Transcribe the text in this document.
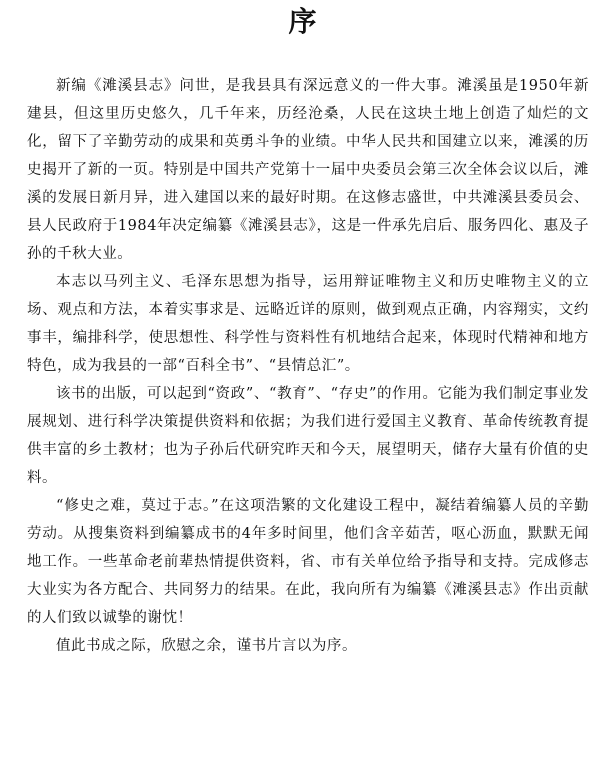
序

新编《滩溪县志》问世，是我县具有深远意义的一件大事。滩溪虽是1950年新建县，但这里历史悠久，几千年来，历经沧桑，人民在这块土地上创造了灿烂的文化，留下了辛勤劳动的成果和英勇斗争的业绩。中华人民共和国建立以来，滩溪的历史揭开了新的一页。特别是中国共产党第十一届中央委员会第三次全体会议以后，滩溪的发展日新月异，进入建国以来的最好时期。在这修志盛世，中共滩溪县委员会、县人民政府于1984年决定编纂《滩溪县志》，这是一件承先启后、服务四化、惠及子孙的千秋大业。

本志以马列主义、毛泽东思想为指导，运用辩证唯物主义和历史唯物主义的立场、观点和方法，本着实事求是、远略近详的原则，做到观点正确，内容翔实，文约事丰，编排科学，使思想性、科学性与资料性有机地结合起来，体现时代精神和地方特色，成为我县的一部“百科全书”、“县情总汇”。

该书的出版，可以起到“资政”、“教育”、“存史”的作用。它能为我们制定事业发展规划、进行科学决策提供资料和依据；为我们进行爱国主义教育、革命传统教育提供丰富的乡土教材；也为子孙后代研究昨天和今天，展望明天，储存大量有价值的史料。

“修史之难，莫过于志。”在这项浩繁的文化建设工程中，凝结着编纂人员的辛勤劳动。从搜集资料到编纂成书的4年多时间里，他们含辛茹苦，呕心沥血，默默无闻地工作。一些革命老前辈热情提供资料，省、市有关单位给予指导和支持。完成修志大业实为各方配合、共同努力的结果。在此，我向所有为编纂《滩溪县志》作出贡献的人们致以诚挚的谢忱！

值此书成之际，欣慰之余，谨书片言以为序。
